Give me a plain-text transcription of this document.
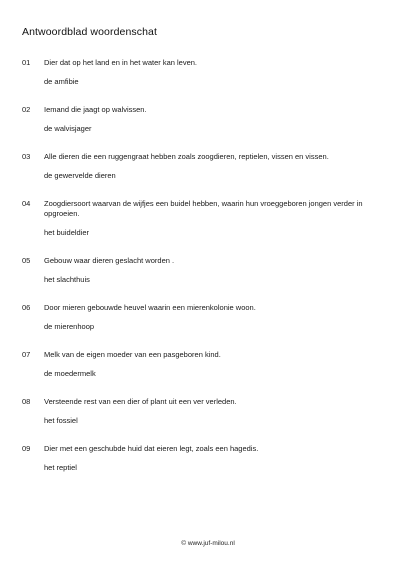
Antwoordblad woordenschat
01 Dier dat op het land en in het water kan leven.
de amfibie
02 Iemand die jaagt op walvissen.
de walvisjager
03 Alle dieren die een ruggengraat hebben zoals zoogdieren, reptielen, vissen en vissen.
de gewervelde dieren
04 Zoogdiersoort waarvan de wijfjes een buidel hebben, waarin hun vroeggeboren jongen verder in opgroeien.
het buideldier
05 Gebouw waar dieren geslacht worden .
het slachthuis
06 Door mieren gebouwde heuvel waarin een mierenkolonie woon.
de mierenhoop
07 Melk van de eigen moeder van een pasgeboren kind.
de moedermelk
08 Versteende rest van een dier of plant uit een ver verleden.
het fossiel
09 Dier met een geschubde huid dat eieren legt, zoals een hagedis.
het reptiel
© www.juf-milou.nl
